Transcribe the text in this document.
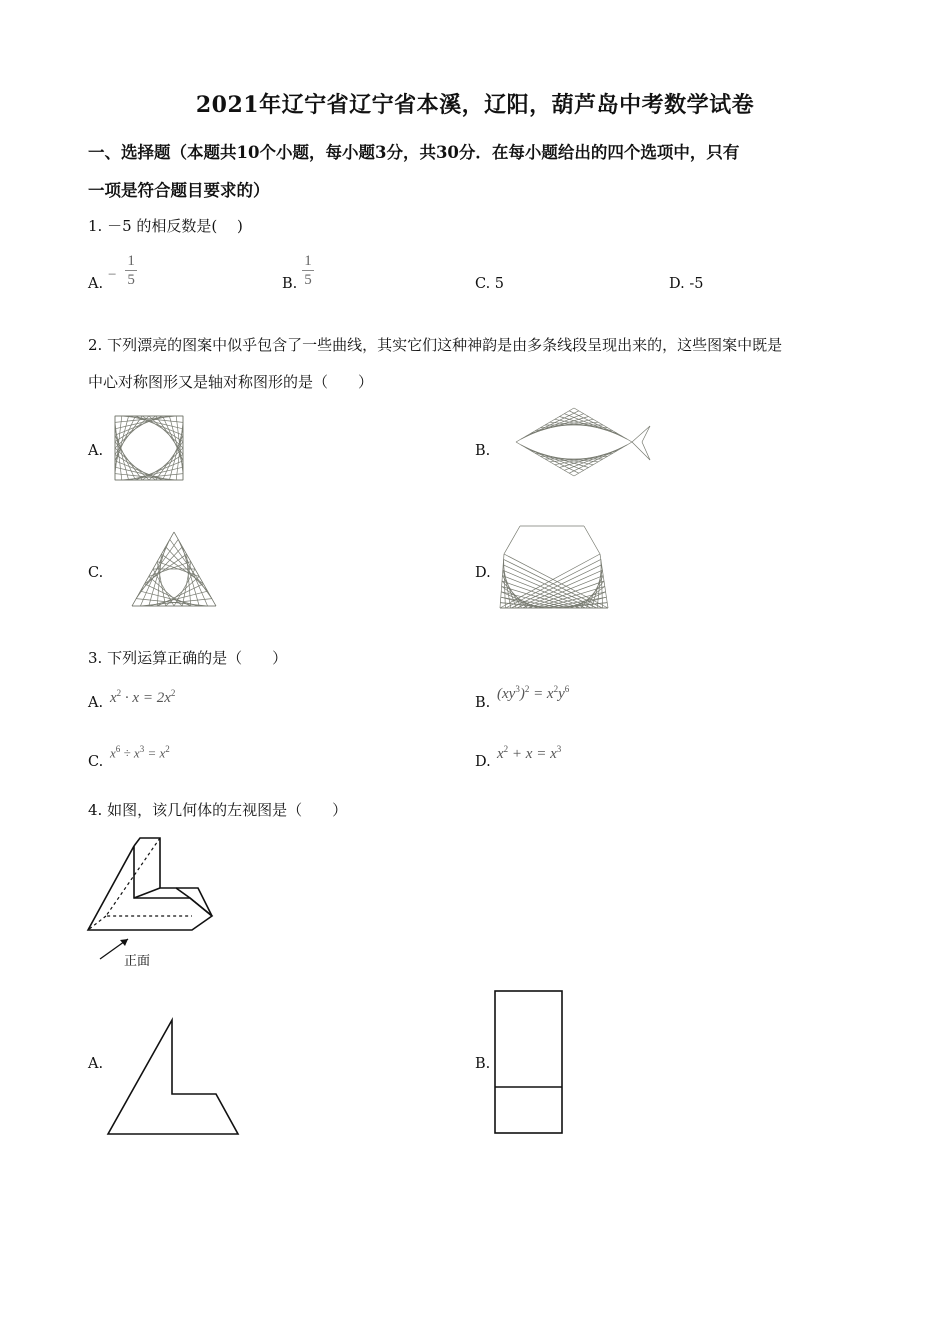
2021年辽宁省辽宁省本溪，辽阳，葫芦岛中考数学试卷
一、选择题（本题共10个小题，每小题3分，共30分．在每小题给出的四个选项中，只有
一项是符合题目要求的）
1. －5 的相反数是(　 )
A.
−
$\frac{1}{5}$	B. $\frac{1}{5}$	C. 5	D. -5
2. 下列漂亮的图案中似乎包含了一些曲线，其实它们这种神韵是由多条线段呈现出来的，这些图案中既是
中心对称图形又是轴对称图形的是（　　）
A.	B.
C.	D.
3. 下列运算正确的是（　　）
A. $x^2 \cdot x = 2x^2$
B.
$(xy^3)^2 = x^2y^6$
C.
$x^6 \div x^3 = x^2$
D. $x^2 + x = x^3$
4. 如图，该几何体的左视图是（　　）
正面
A.	B.
